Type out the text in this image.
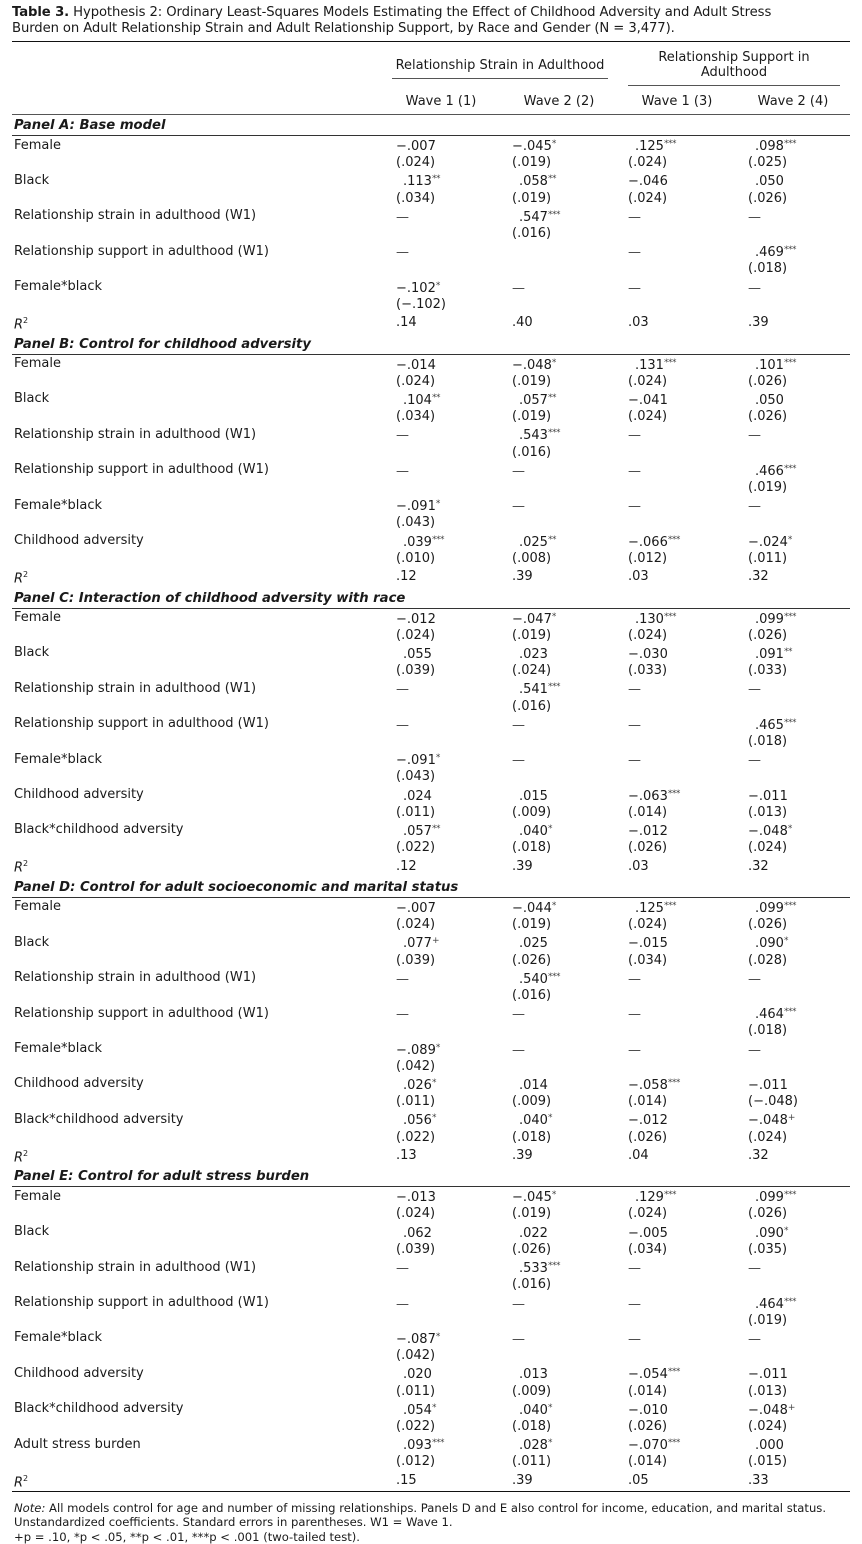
Table 3. Hypothesis 2: Ordinary Least-Squares Models Estimating the Effect of Childhood Adversity and Adult Stress Burden on Adult Relationship Strain and Adult Relationship Support, by Race and Gender (N = 3,477).

	Relationship Strain in Adulthood		Relationship Support in Adulthood	

	Wave 1 (1)	Wave 2 (2)	Wave 1 (3)	Wave 2 (4)
Panel A: Base model				
Female	−.007	−.045*	.125***	.098***
	(.024)	(.019)	(.024)	(.025)
Black	.113**	.058**	−.046	.050
	(.034)	(.019)	(.024)	(.026)
Relationship strain in adulthood (W1)	—	.547***	—	—
		(.016)		
Relationship support in adulthood (W1)	—		—	.469***
				(.018)
Female*black	−.102*	—	—	—
	(−.102)			
$R^2$	.14	.40	.03	.39
Panel B: Control for childhood adversity				
Female	−.014	−.048*	.131***	.101***
	(.024)	(.019)	(.024)	(.026)
Black	.104**	.057**	−.041	.050
	(.034)	(.019)	(.024)	(.026)
Relationship strain in adulthood (W1)	—	.543***	—	—
		(.016)		
Relationship support in adulthood (W1)	—	—	—	.466***
				(.019)
Female*black	−.091*	—	—	—
	(.043)			
Childhood adversity	.039***	.025**	−.066***	−.024*
	(.010)	(.008)	(.012)	(.011)
$R^2$	.12	.39	.03	.32
Panel C: Interaction of childhood adversity with race				
Female	−.012	−.047*	.130***	.099***
	(.024)	(.019)	(.024)	(.026)
Black	.055	.023	−.030	.091**
	(.039)	(.024)	(.033)	(.033)
Relationship strain in adulthood (W1)	—	.541***	—	—
		(.016)		
Relationship support in adulthood (W1)	—	—	—	.465***
				(.018)
Female*black	−.091*	—	—	—
	(.043)			
Childhood adversity	.024	.015	−.063***	−.011
	(.011)	(.009)	(.014)	(.013)
Black*childhood adversity	.057**	.040*	−.012	−.048*
	(.022)	(.018)	(.026)	(.024)
$R^2$	.12	.39	.03	.32
Panel D: Control for adult socioeconomic and marital status				
Female	−.007	−.044*	.125***	.099***
	(.024)	(.019)	(.024)	(.026)
Black	.077+	.025	−.015	.090*
	(.039)	(.026)	(.034)	(.028)
Relationship strain in adulthood (W1)	—	.540***	—	—
		(.016)		
Relationship support in adulthood (W1)	—	—	—	.464***
				(.018)
Female*black	−.089*	—	—	—
	(.042)			
Childhood adversity	.026*	.014	−.058***	−.011
	(.011)	(.009)	(.014)	(−.048)
Black*childhood adversity	.056*	.040*	−.012	−.048+
	(.022)	(.018)	(.026)	(.024)
$R^2$	.13	.39	.04	.32
Panel E: Control for adult stress burden				
Female	−.013	−.045*	.129***	.099***
	(.024)	(.019)	(.024)	(.026)
Black	.062	.022	−.005	.090*
	(.039)	(.026)	(.034)	(.035)
Relationship strain in adulthood (W1)	—	.533***	—	—
		(.016)		
Relationship support in adulthood (W1)	—	—	—	.464***
				(.019)
Female*black	−.087*	—	—	—
	(.042)			
Childhood adversity	.020	.013	−.054***	−.011
	(.011)	(.009)	(.014)	(.013)
Black*childhood adversity	.054*	.040*	−.010	−.048+
	(.022)	(.018)	(.026)	(.024)
Adult stress burden	.093***	.028*	−.070***	.000
	(.012)	(.011)	(.014)	(.015)
$R^2$	.15	.39	.05	.33

Note: All models control for age and number of missing relationships. Panels D and E also control for income, education, and marital status. Unstandardized coefficients. Standard errors in parentheses. W1 = Wave 1.
+p = .10, *p < .05, **p < .01, ***p < .001 (two-tailed test).
